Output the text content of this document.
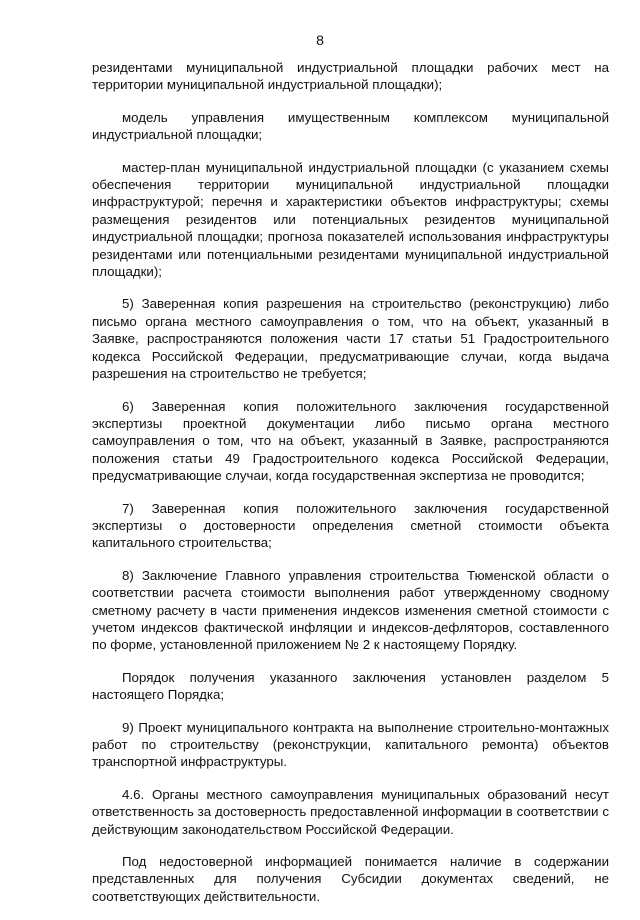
8

резидентами муниципальной индустриальной площадки рабочих мест на территории муниципальной индустриальной площадки);

модель управления имущественным комплексом муниципальной индустриальной площадки;

мастер-план муниципальной индустриальной площадки (с указанием схемы обеспечения территории муниципальной индустриальной площадки инфраструктурой; перечня и характеристики объектов инфраструктуры; схемы размещения резидентов или потенциальных резидентов муниципальной индустриальной площадки; прогноза показателей использования инфраструктуры резидентами или потенциальными резидентами муниципальной индустриальной площадки);

5) Заверенная копия разрешения на строительство (реконструкцию) либо письмо органа местного самоуправления о том, что на объект, указанный в Заявке, распространяются положения части 17 статьи 51 Градостроительного кодекса Российской Федерации, предусматривающие случаи, когда выдача разрешения на строительство не требуется;

6) Заверенная копия положительного заключения государственной экспертизы проектной документации либо письмо органа местного самоуправления о том, что на объект, указанный в Заявке, распространяются положения статьи 49 Градостроительного кодекса Российской Федерации, предусматривающие случаи, когда государственная экспертиза не проводится;

7) Заверенная копия положительного заключения государственной экспертизы о достоверности определения сметной стоимости объекта капитального строительства;

8) Заключение Главного управления строительства Тюменской области о соответствии расчета стоимости выполнения работ утвержденному сводному сметному расчету в части применения индексов изменения сметной стоимости с учетом индексов фактической инфляции и индексов-дефляторов, составленного по форме, установленной приложением № 2 к настоящему Порядку.

Порядок получения указанного заключения установлен разделом 5 настоящего Порядка;

9) Проект муниципального контракта на выполнение строительно-монтажных работ по строительству (реконструкции, капитального ремонта) объектов транспортной инфраструктуры.

4.6. Органы местного самоуправления муниципальных образований несут ответственность за достоверность предоставленной информации в соответствии с действующим законодательством Российской Федерации.

Под недостоверной информацией понимается наличие в содержании представленных для получения Субсидии документах сведений, не соответствующих действительности.
